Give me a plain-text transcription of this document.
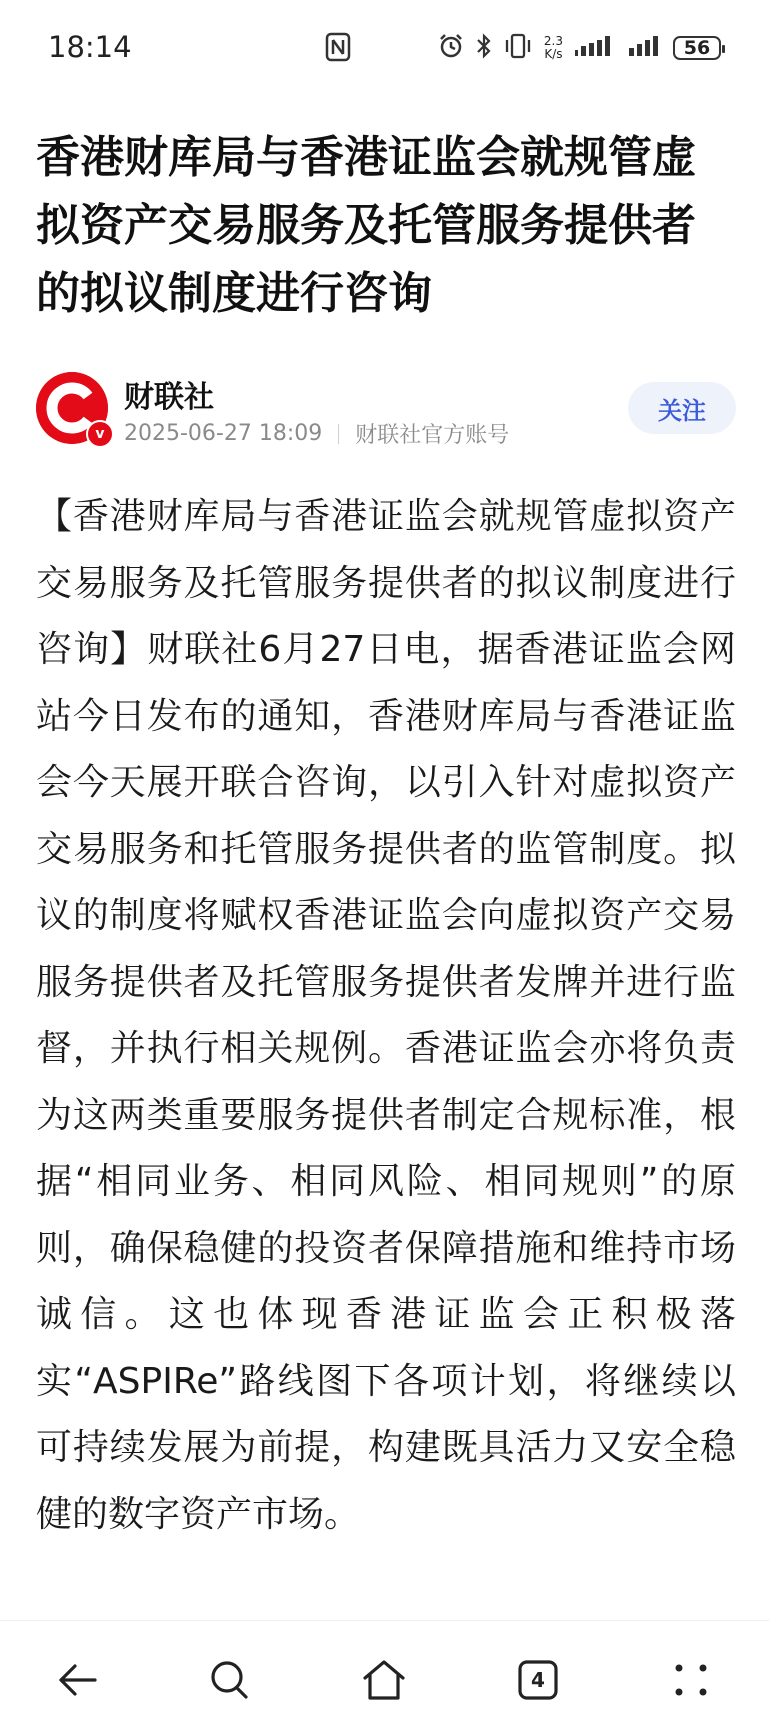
18:14	2.3
K/s	56
香港财库局与香港证监会就规管虚拟资产交易服务及托管服务提供者的拟议制度进行咨询
v
财联社
2025-06-27 18:09 财联社官方账号
关注

【香港财库局与香港证监会就规管虚拟资产交易服务及托管服务提供者的拟议制度进行咨询】财联社6月27日电，据香港证监会网站今日发布的通知，香港财库局与香港证监会今天展开联合咨询，以引入针对虚拟资产交易服务和托管服务提供者的监管制度。拟议的制度将赋权香港证监会向虚拟资产交易服务提供者及托管服务提供者发牌并进行监督，并执行相关规例。香港证监会亦将负责为这两类重要服务提供者制定合规标准，根据“相同业务、相同风险、相同规则”的原则，确保稳健的投资者保障措施和维持市场诚信。这也体现香港证监会正积极落实“ASPIRe”路线图下各项计划，将继续以可持续发展为前提，构建既具活力又安全稳健的数字资产市场。

4
